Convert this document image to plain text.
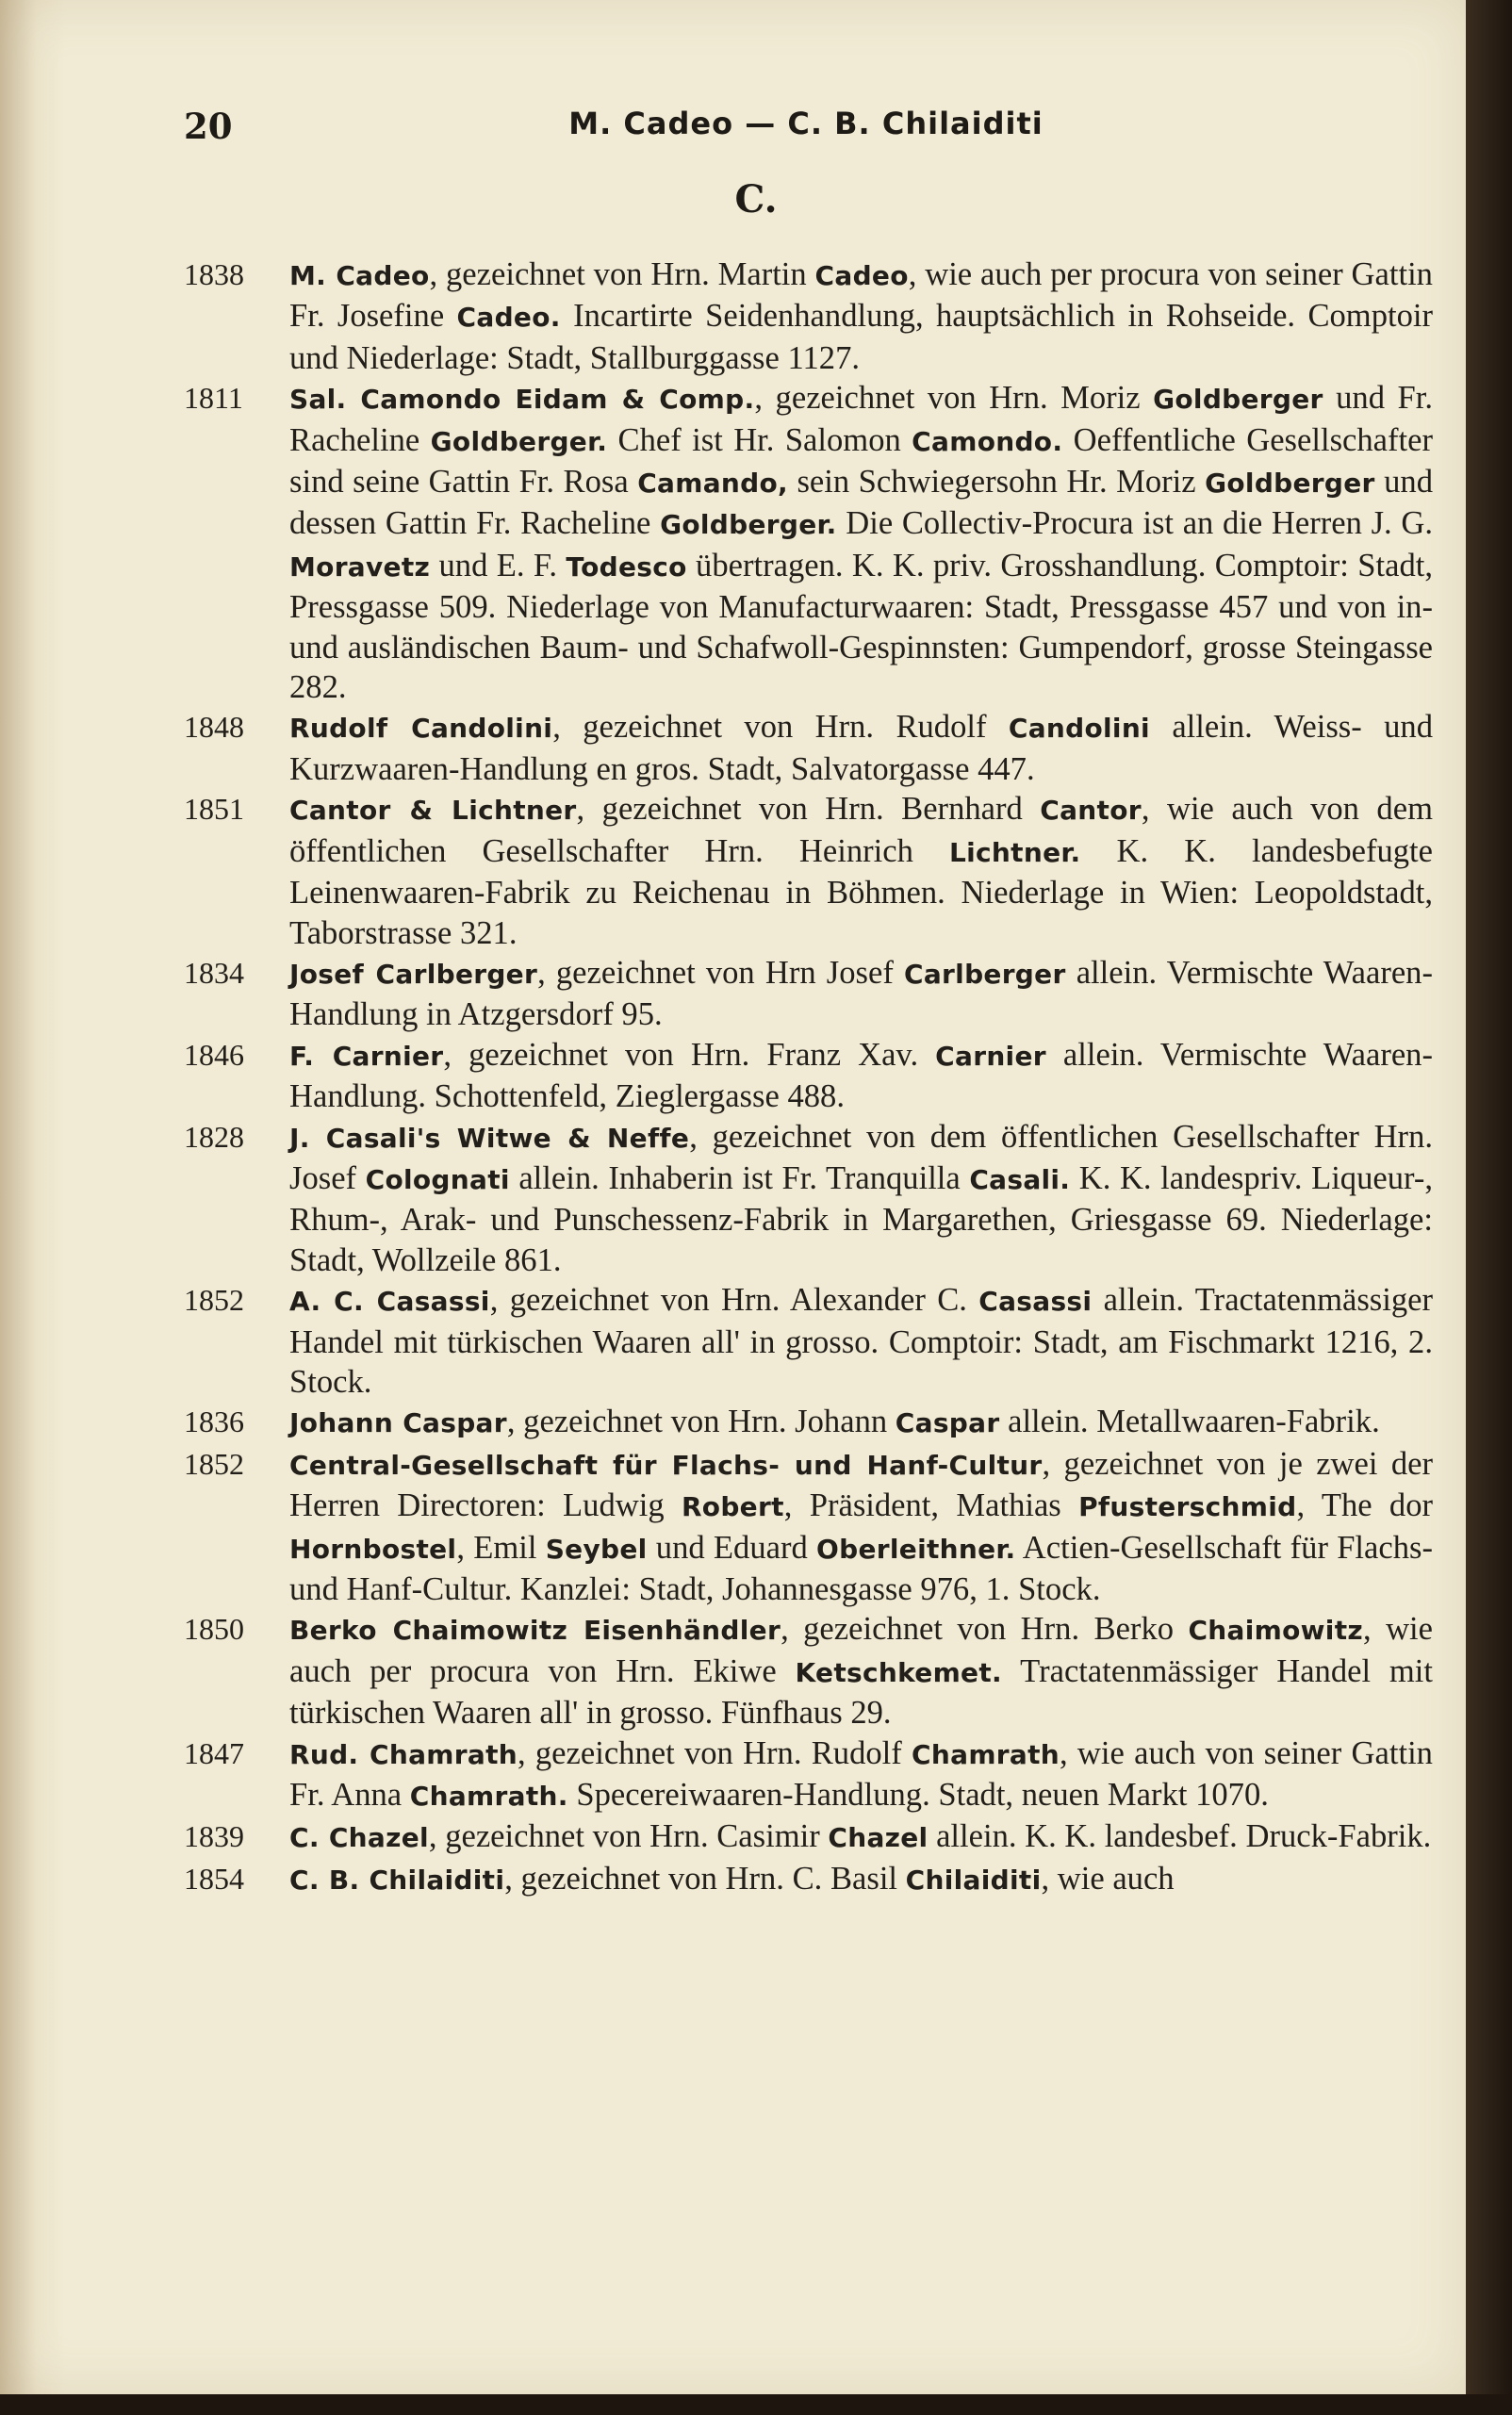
20	M. Cadeo — C. B. Chilaiditi
C.
1838 M. Cadeo, gezeichnet von Hrn. Martin Cadeo, wie auch per procura von seiner Gattin Fr. Josefine Cadeo. Incartirte Seidenhandlung, hauptsächlich in Rohseide. Comptoir und Niederlage: Stadt, Stallburggasse 1127.
1811 Sal. Camondo Eidam & Comp., gezeichnet von Hrn. Moriz Goldberger und Fr. Racheline Goldberger. Chef ist Hr. Salomon Camondo. Oeffentliche Gesellschafter sind seine Gattin Fr. Rosa Camando, sein Schwiegersohn Hr. Moriz Goldberger und dessen Gattin Fr. Racheline Goldberger. Die Collectiv-Procura ist an die Herren J. G. Moravetz und E. F. Todesco übertragen. K. K. priv. Grosshandlung. Comptoir: Stadt, Pressgasse 509. Niederlage von Manufacturwaaren: Stadt, Pressgasse 457 und von in- und ausländischen Baum- und Schafwoll-Gespinnsten: Gumpendorf, grosse Steingasse 282.
1848 Rudolf Candolini, gezeichnet von Hrn. Rudolf Candolini allein. Weiss- und Kurzwaaren-Handlung en gros. Stadt, Salvatorgasse 447.
1851 Cantor & Lichtner, gezeichnet von Hrn. Bernhard Cantor, wie auch von dem öffentlichen Gesellschafter Hrn. Heinrich Lichtner. K. K. landesbefugte Leinenwaaren-Fabrik zu Reichenau in Böhmen. Niederlage in Wien: Leopoldstadt, Taborstrasse 321.
1834 Josef Carlberger, gezeichnet von Hrn Josef Carlberger allein. Vermischte Waaren-Handlung in Atzgersdorf 95.
1846 F. Carnier, gezeichnet von Hrn. Franz Xav. Carnier allein. Vermischte Waaren-Handlung. Schottenfeld, Zieglergasse 488.
1828 J. Casali's Witwe & Neffe, gezeichnet von dem öffentlichen Gesellschafter Hrn. Josef Colognati allein. Inhaberin ist Fr. Tranquilla Casali. K. K. landespriv. Liqueur-, Rhum-, Arak- und Punschessenz-Fabrik in Margarethen, Griesgasse 69. Niederlage: Stadt, Wollzeile 861.
1852 A. C. Casassi, gezeichnet von Hrn. Alexander C. Casassi allein. Tractatenmässiger Handel mit türkischen Waaren all' in grosso. Comptoir: Stadt, am Fischmarkt 1216, 2. Stock.
1836 Johann Caspar, gezeichnet von Hrn. Johann Caspar allein. Metallwaaren-Fabrik.
1852 Central-Gesellschaft für Flachs- und Hanf-Cultur, gezeichnet von je zwei der Herren Directoren: Ludwig Robert, Präsident, Mathias Pfusterschmid, The dor Hornbostel, Emil Seybel und Eduard Oberleithner. Actien-Gesellschaft für Flachs- und Hanf-Cultur. Kanzlei: Stadt, Johannesgasse 976, 1. Stock.
1850 Berko Chaimowitz Eisenhändler, gezeichnet von Hrn. Berko Chaimowitz, wie auch per procura von Hrn. Ekiwe Ketschkemet. Tractatenmässiger Handel mit türkischen Waaren all' in grosso. Fünfhaus 29.
1847 Rud. Chamrath, gezeichnet von Hrn. Rudolf Chamrath, wie auch von seiner Gattin Fr. Anna Chamrath. Specereiwaaren-Handlung. Stadt, neuen Markt 1070.
1839 C. Chazel, gezeichnet von Hrn. Casimir Chazel allein. K. K. landesbef. Druck-Fabrik.
1854 C. B. Chilaiditi, gezeichnet von Hrn. C. Basil Chilaiditi, wie auch
